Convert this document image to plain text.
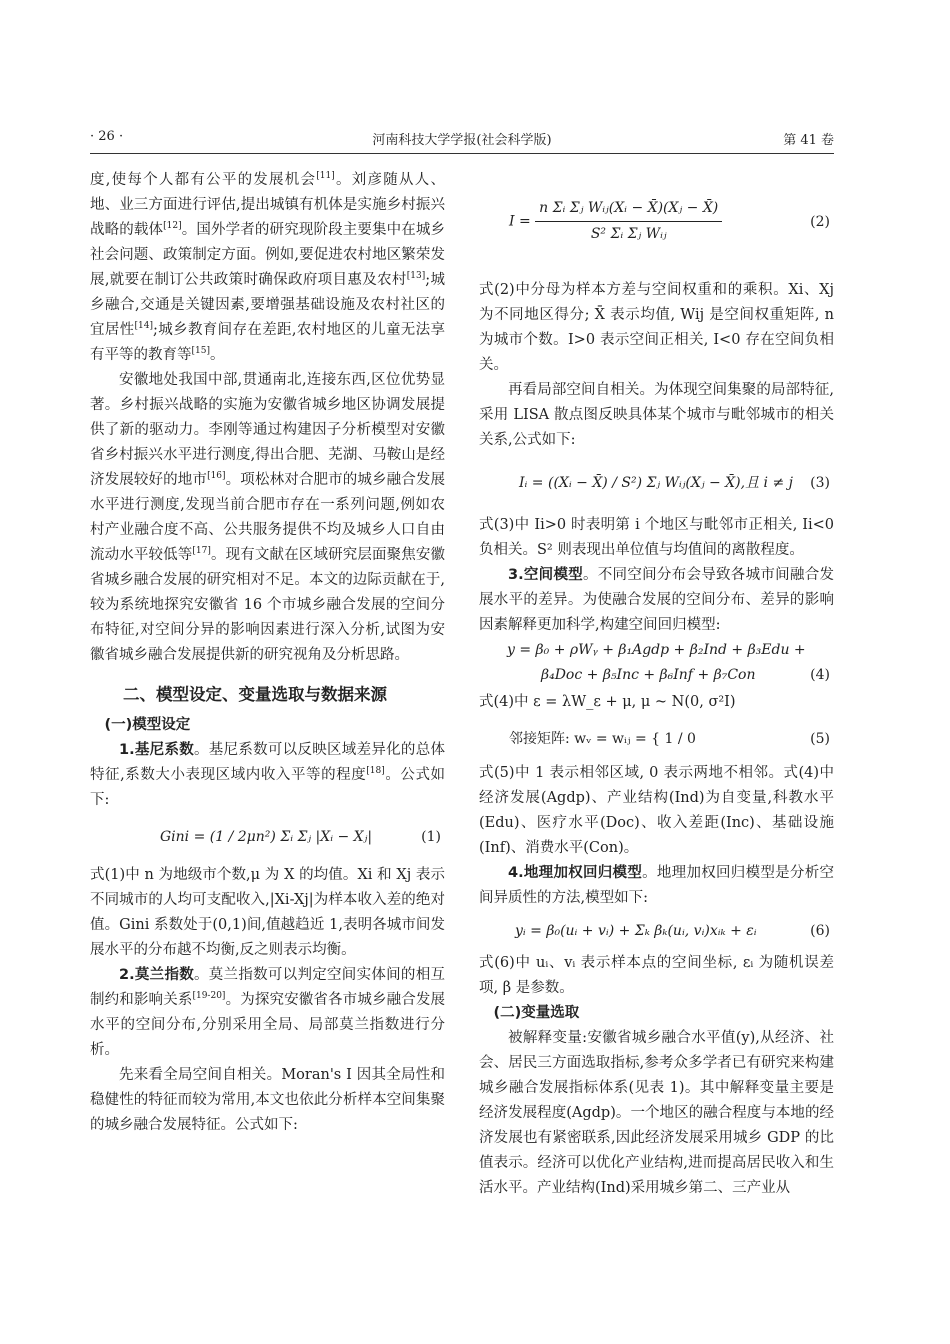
· 26 ·	河南科技大学学报(社会科学版)	第 41 卷

度,使每个人都有公平的发展机会[11]。刘彦随从人、地、业三方面进行评估,提出城镇有机体是实施乡村振兴战略的载体[12]。国外学者的研究现阶段主要集中在城乡社会问题、政策制定方面。例如,要促进农村地区繁荣发展,就要在制订公共政策时确保政府项目惠及农村[13];城乡融合,交通是关键因素,要增强基础设施及农村社区的宜居性[14];城乡教育间存在差距,农村地区的儿童无法享有平等的教育等[15]。

安徽地处我国中部,贯通南北,连接东西,区位优势显著。乡村振兴战略的实施为安徽省城乡地区协调发展提供了新的驱动力。李刚等通过构建因子分析模型对安徽省乡村振兴水平进行测度,得出合肥、芜湖、马鞍山是经济发展较好的地市[16]。项松林对合肥市的城乡融合发展水平进行测度,发现当前合肥市存在一系列问题,例如农村产业融合度不高、公共服务提供不均及城乡人口自由流动水平较低等[17]。现有文献在区域研究层面聚焦安徽省城乡融合发展的研究相对不足。本文的边际贡献在于,较为系统地探究安徽省 16 个市城乡融合发展的空间分布特征,对空间分异的影响因素进行深入分析,试图为安徽省城乡融合发展提供新的研究视角及分析思路。

二、模型设定、变量选取与数据来源
(一)模型设定

1.基尼系数。基尼系数可以反映区域差异化的总体特征,系数大小表现区域内收入平等的程度[18]。公式如下:

Gini = (1 / 2μn²) Σᵢ Σⱼ |Xᵢ − Xⱼ|	(1)

式(1)中 n 为地级市个数,μ 为 X 的均值。Xi 和 Xj 表示不同城市的人均可支配收入,|Xi-Xj|为样本收入差的绝对值。Gini 系数处于(0,1)间,值越趋近 1,表明各城市间发展水平的分布越不均衡,反之则表示均衡。

2.莫兰指数。莫兰指数可以判定空间实体间的相互制约和影响关系[19-20]。为探究安徽省各市城乡融合发展水平的空间分布,分别采用全局、局部莫兰指数进行分析。

先来看全局空间自相关。Moran's I 因其全局性和稳健性的特征而较为常用,本文也依此分析样本空间集聚的城乡融合发展特征。公式如下:

$I = \frac{\text{n Σᵢ Σⱼ Wᵢⱼ(Xᵢ − X̄)(Xⱼ − X̄)}}{\text{S² Σᵢ Σⱼ Wᵢⱼ}}$	(2)

式(2)中分母为样本方差与空间权重和的乘积。Xi、Xj 为不同地区得分; X̄ 表示均值, Wij 是空间权重矩阵, n 为城市个数。I>0 表示空间正相关, I<0 存在空间负相关。

再看局部空间自相关。为体现空间集聚的局部特征,采用 LISA 散点图反映具体某个城市与毗邻城市的相关关系,公式如下:

Iᵢ = ((Xᵢ − X̄) / S²) Σⱼ Wᵢⱼ(Xⱼ − X̄),且 i ≠ j (3)

式(3)中 Ii>0 时表明第 i 个地区与毗邻市正相关, Ii<0 负相关。S² 则表现出单位值与均值间的离散程度。

3.空间模型。不同空间分布会导致各城市间融合发展水平的差异。为使融合发展的空间分布、差异的影响因素解释更加科学,构建空间回归模型:

y = β₀ + ρWᵧ + β₁Agdp + β₂Ind + β₃Edu +
β₄Doc + β₅Inc + β₆Inf + β₇Con	(4)

式(4)中 ε = λW_ε + μ, μ ~ N(0, σ²I)

邻接矩阵: wᵥ = wᵢⱼ = { 1 / 0	(5)

式(5)中 1 表示相邻区域, 0 表示两地不相邻。式(4)中经济发展(Agdp)、产业结构(Ind)为自变量,科教水平(Edu)、医疗水平(Doc)、收入差距(Inc)、基础设施(Inf)、消费水平(Con)。

4.地理加权回归模型。地理加权回归模型是分析空间异质性的方法,模型如下:

yᵢ = β₀(uᵢ + vᵢ) + Σₖ βₖ(uᵢ, vᵢ)xᵢₖ + εᵢ	(6)

式(6)中 uᵢ、vᵢ 表示样本点的空间坐标, εᵢ 为随机误差项, β 是参数。

(二)变量选取

被解释变量:安徽省城乡融合水平值(y),从经济、社会、居民三方面选取指标,参考众多学者已有研究来构建城乡融合发展指标体系(见表 1)。其中解释变量主要是经济发展程度(Agdp)。一个地区的融合程度与本地的经济发展也有紧密联系,因此经济发展采用城乡 GDP 的比值表示。经济可以优化产业结构,进而提高居民收入和生活水平。产业结构(Ind)采用城乡第二、三产业从
